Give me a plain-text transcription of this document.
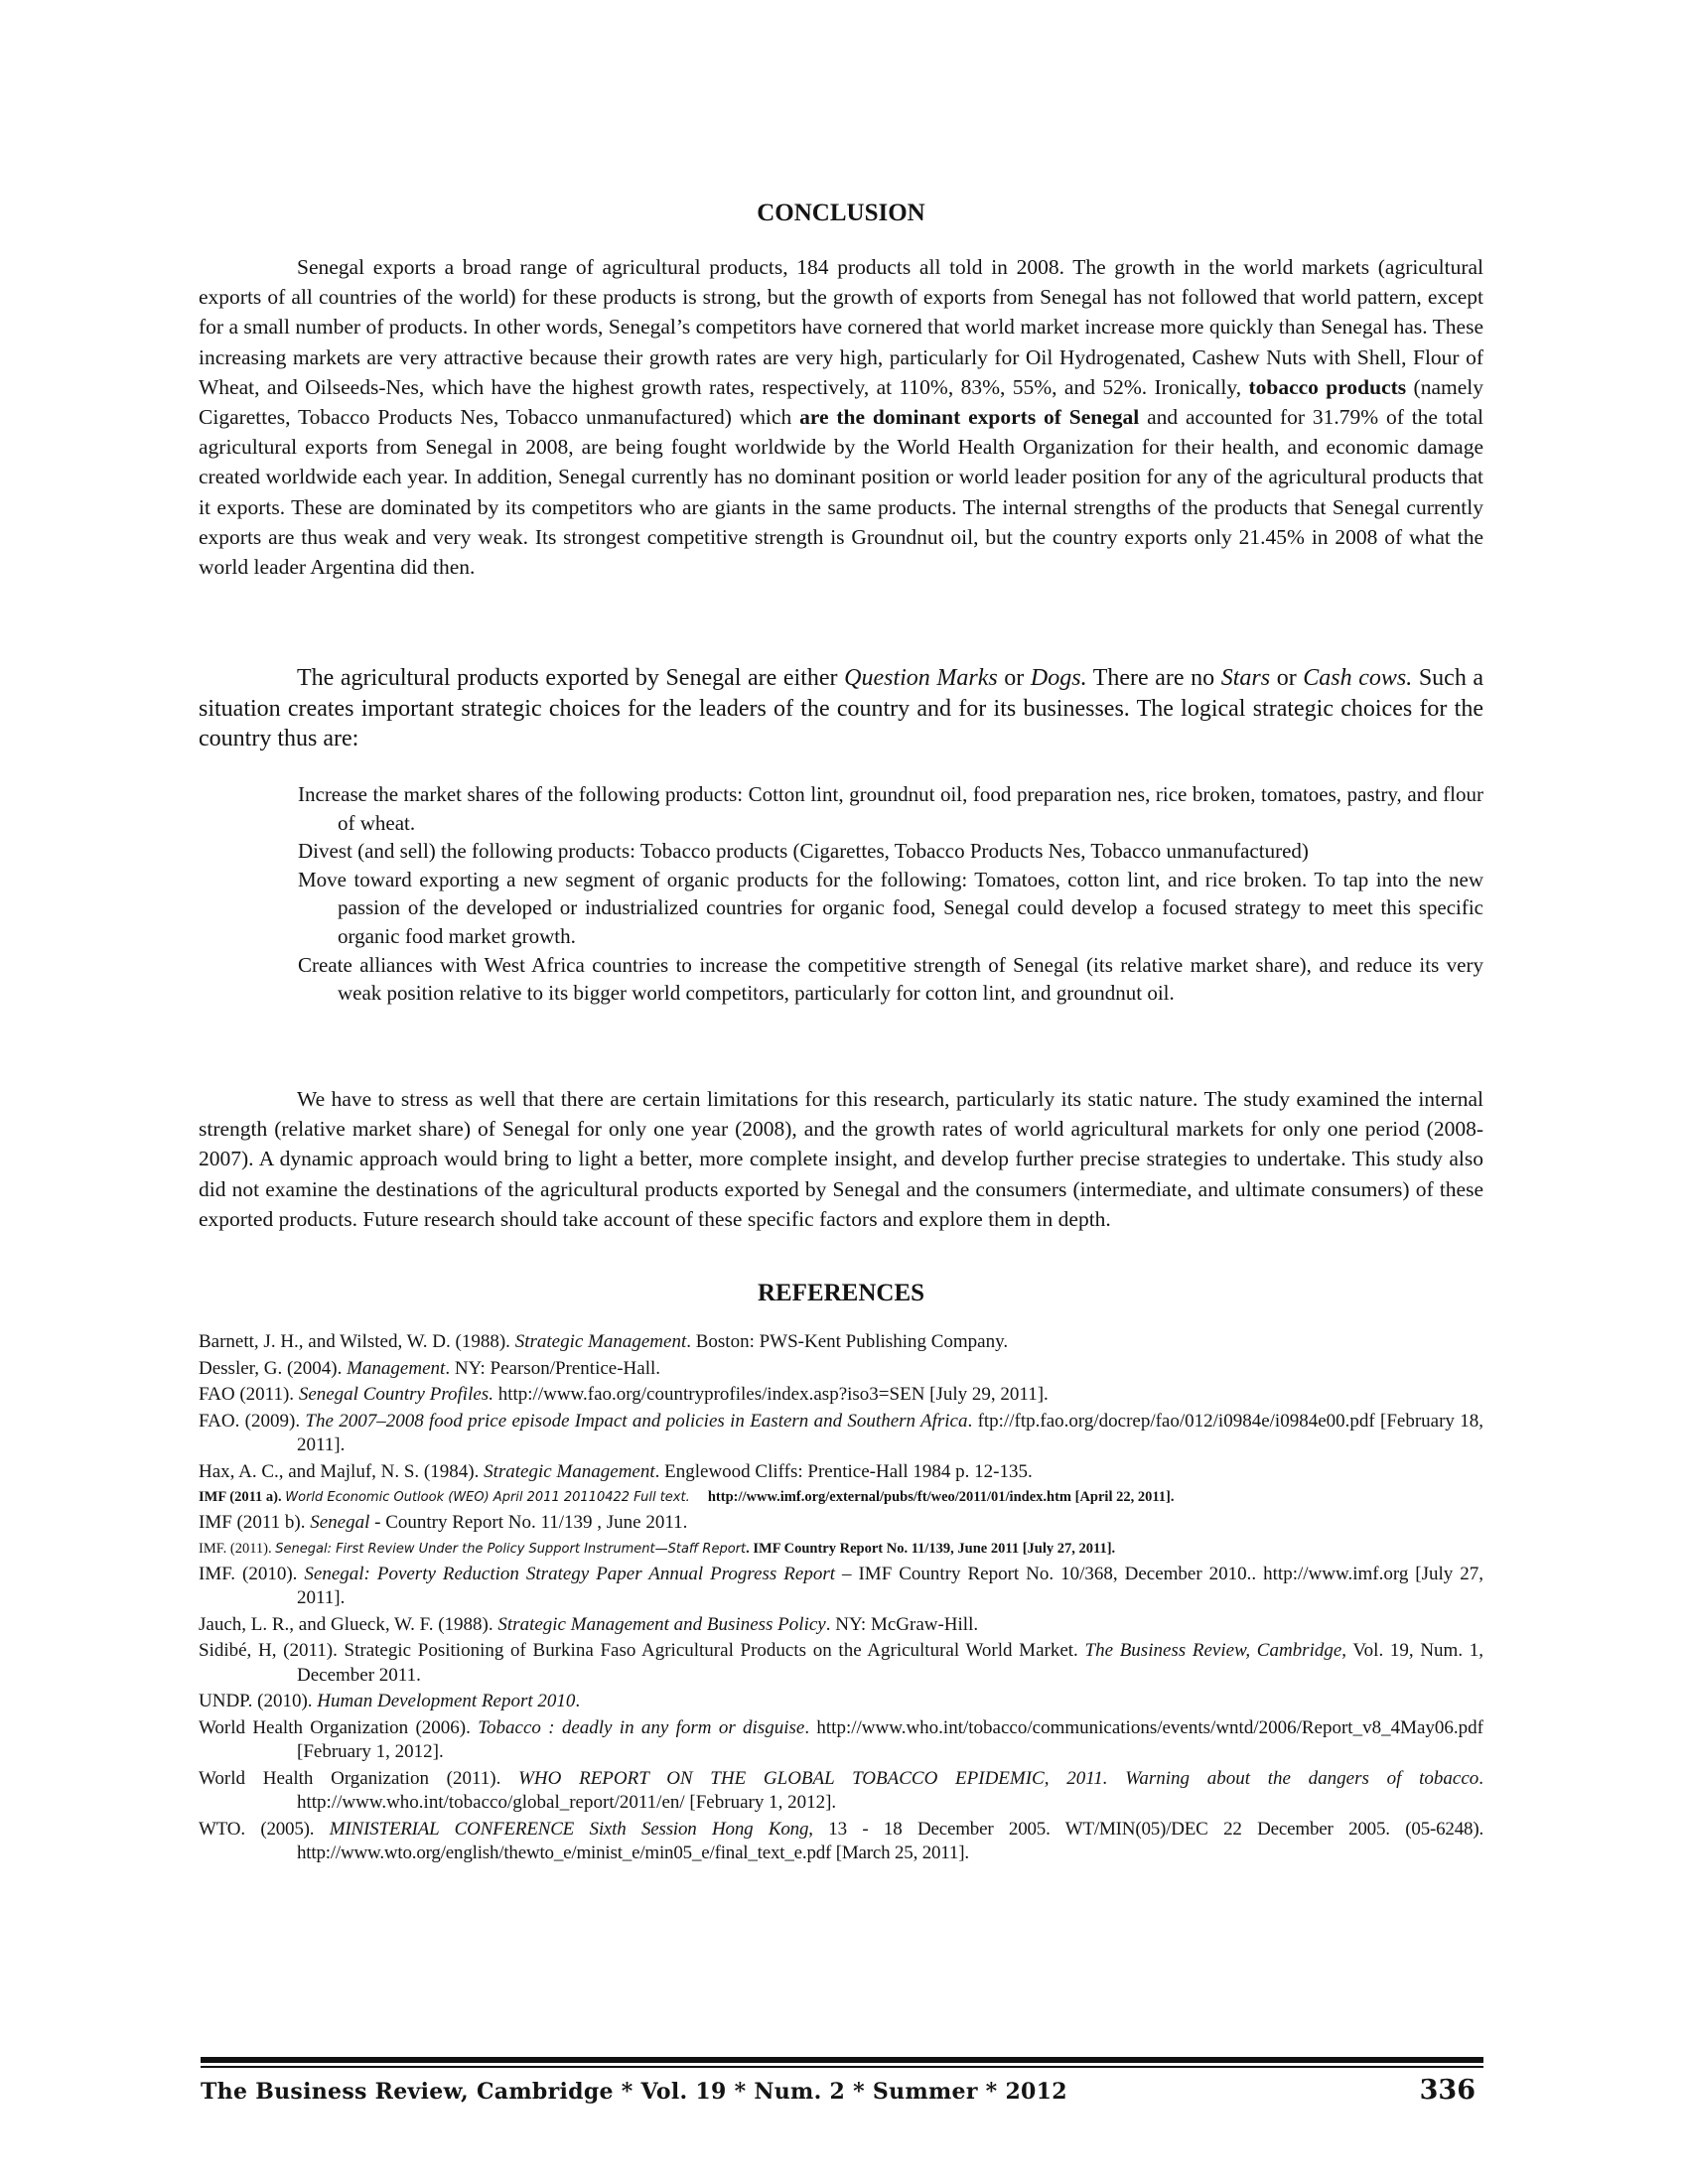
CONCLUSION

Senegal exports a broad range of agricultural products, 184 products all told in 2008. The growth in the world markets (agricultural exports of all countries of the world) for these products is strong, but the growth of exports from Senegal has not followed that world pattern, except for a small number of products. In other words, Senegal’s competitors have cornered that world market increase more quickly than Senegal has. These increasing markets are very attractive because their growth rates are very high, particularly for Oil Hydrogenated, Cashew Nuts with Shell, Flour of Wheat, and Oilseeds-Nes, which have the highest growth rates, respectively, at 110%, 83%, 55%, and 52%. Ironically, tobacco products (namely Cigarettes, Tobacco Products Nes, Tobacco unmanufactured) which are the dominant exports of Senegal and accounted for 31.79% of the total agricultural exports from Senegal in 2008, are being fought worldwide by the World Health Organization for their health, and economic damage created worldwide each year. In addition, Senegal currently has no dominant position or world leader position for any of the agricultural products that it exports. These are dominated by its competitors who are giants in the same products. The internal strengths of the products that Senegal currently exports are thus weak and very weak. Its strongest competitive strength is Groundnut oil, but the country exports only 21.45% in 2008 of what the world leader Argentina did then.

The agricultural products exported by Senegal are either Question Marks or Dogs. There are no Stars or Cash cows. Such a situation creates important strategic choices for the leaders of the country and for its businesses. The logical strategic choices for the country thus are:

Increase the market shares of the following products: Cotton lint, groundnut oil, food preparation nes, rice broken, tomatoes, pastry, and flour of wheat.
Divest (and sell) the following products: Tobacco products (Cigarettes, Tobacco Products Nes, Tobacco unmanufactured)
Move toward exporting a new segment of organic products for the following: Tomatoes, cotton lint, and rice broken. To tap into the new passion of the developed or industrialized countries for organic food, Senegal could develop a focused strategy to meet this specific organic food market growth.
Create alliances with West Africa countries to increase the competitive strength of Senegal (its relative market share), and reduce its very weak position relative to its bigger world competitors, particularly for cotton lint, and groundnut oil.

We have to stress as well that there are certain limitations for this research, particularly its static nature. The study examined the internal strength (relative market share) of Senegal for only one year (2008), and the growth rates of world agricultural markets for only one period (2008-2007). A dynamic approach would bring to light a better, more complete insight, and develop further precise strategies to undertake. This study also did not examine the destinations of the agricultural products exported by Senegal and the consumers (intermediate, and ultimate consumers) of these exported products. Future research should take account of these specific factors and explore them in depth.

REFERENCES

Barnett, J. H., and Wilsted, W. D. (1988). Strategic Management. Boston: PWS-Kent Publishing Company.

Dessler, G. (2004). Management. NY: Pearson/Prentice-Hall.

FAO (2011). Senegal Country Profiles. http://www.fao.org/countryprofiles/index.asp?iso3=SEN [July 29, 2011].

FAO. (2009). The 2007–2008 food price episode Impact and policies in Eastern and Southern Africa. ftp://ftp.fao.org/docrep/fao/012/i0984e/i0984e00.pdf [February 18, 2011].

Hax, A. C., and Majluf, N. S. (1984). Strategic Management. Englewood Cliffs: Prentice-Hall 1984 p. 12-135.

IMF (2011 a). World Economic Outlook (WEO) April 2011 20110422 Full text. http://www.imf.org/external/pubs/ft/weo/2011/01/index.htm [April 22, 2011].

IMF (2011 b). Senegal - Country Report No. 11/139 , June 2011.

IMF. (2011). Senegal: First Review Under the Policy Support Instrument—Staff Report. IMF Country Report No. 11/139, June 2011 [July 27, 2011].

IMF. (2010). Senegal: Poverty Reduction Strategy Paper Annual Progress Report – IMF Country Report No. 10/368, December 2010.. http://www.imf.org [July 27, 2011].

Jauch, L. R., and Glueck, W. F. (1988). Strategic Management and Business Policy. NY: McGraw-Hill.

Sidibé, H, (2011). Strategic Positioning of Burkina Faso Agricultural Products on the Agricultural World Market. The Business Review, Cambridge, Vol. 19, Num. 1, December 2011.

UNDP. (2010). Human Development Report 2010.

World Health Organization (2006). Tobacco : deadly in any form or disguise. http://www.who.int/tobacco/communications/events/wntd/2006/Report_v8_4May06.pdf [February 1, 2012].

World Health Organization (2011). WHO REPORT ON THE GLOBAL TOBACCO EPIDEMIC, 2011. Warning about the dangers of tobacco. http://www.who.int/tobacco/global_report/2011/en/ [February 1, 2012].

WTO. (2005). MINISTERIAL CONFERENCE Sixth Session Hong Kong, 13 - 18 December 2005. WT/MIN(05)/DEC 22 December 2005. (05-6248). http://www.wto.org/english/thewto_e/minist_e/min05_e/final_text_e.pdf [March 25, 2011].

The Business Review, Cambridge * Vol. 19 * Num. 2 * Summer * 2012	336
